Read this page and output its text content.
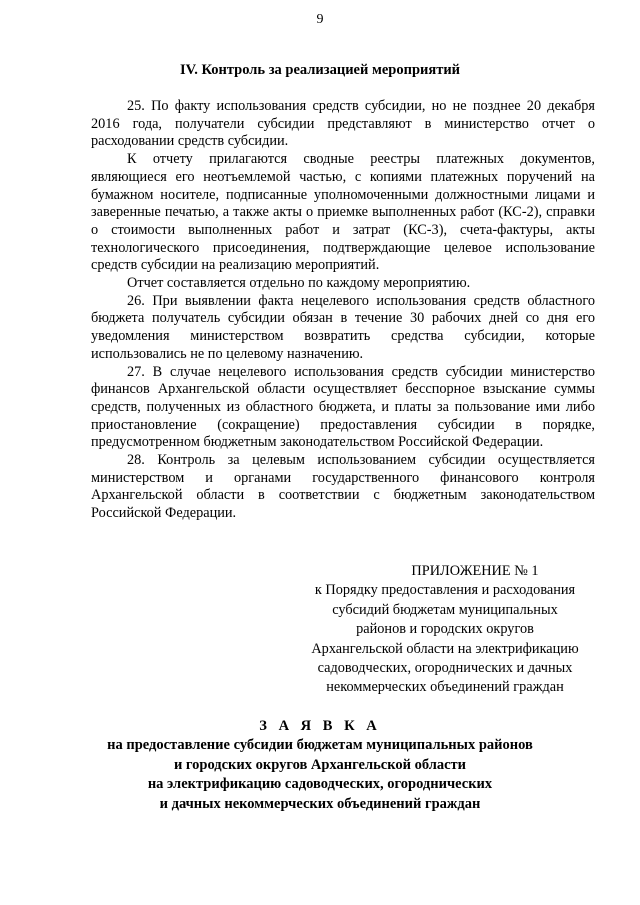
9
IV. Контроль за реализацией мероприятий

25. По факту использования средств субсидии, но не позднее 20 декабря 2016 года, получатели субсидии представляют в министерство отчет о расходовании средств субсидии.

К отчету прилагаются сводные реестры платежных документов, являющиеся его неотъемлемой частью, с копиями платежных поручений на бумажном носителе, подписанные уполномоченными должностными лицами и заверенные печатью, а также акты о приемке выполненных работ (КС-2), справки о стоимости выполненных работ и затрат (КС-3), счета-фактуры, акты технологического присоединения, подтверждающие целевое использование средств субсидии на реализацию мероприятий.

Отчет составляется отдельно по каждому мероприятию.

26. При выявлении факта нецелевого использования средств областного бюджета получатель субсидии обязан в течение 30 рабочих дней со дня его уведомления министерством возвратить средства субсидии, которые использовались не по целевому назначению.

27. В случае нецелевого использования средств субсидии министерство финансов Архангельской области осуществляет бесспорное взыскание суммы средств, полученных из областного бюджета, и платы за пользование ими либо приостановление (сокращение) предоставления субсидии в порядке, предусмотренном бюджетным законодательством Российской Федерации.

28. Контроль за целевым использованием субсидии осуществляется министерством и органами государственного финансового контроля Архангельской области в соответствии с бюджетным законодательством Российской Федерации.

ПРИЛОЖЕНИЕ № 1
к Порядку предоставления и расходования
субсидий бюджетам муниципальных
районов и городских округов
Архангельской области на электрификацию
садоводческих, огороднических и дачных
некоммерческих объединений граждан
З А Я В К А
на предоставление субсидии бюджетам муниципальных районов
и городских округов Архангельской области
на электрификацию садоводческих, огороднических
и дачных некоммерческих объединений граждан
